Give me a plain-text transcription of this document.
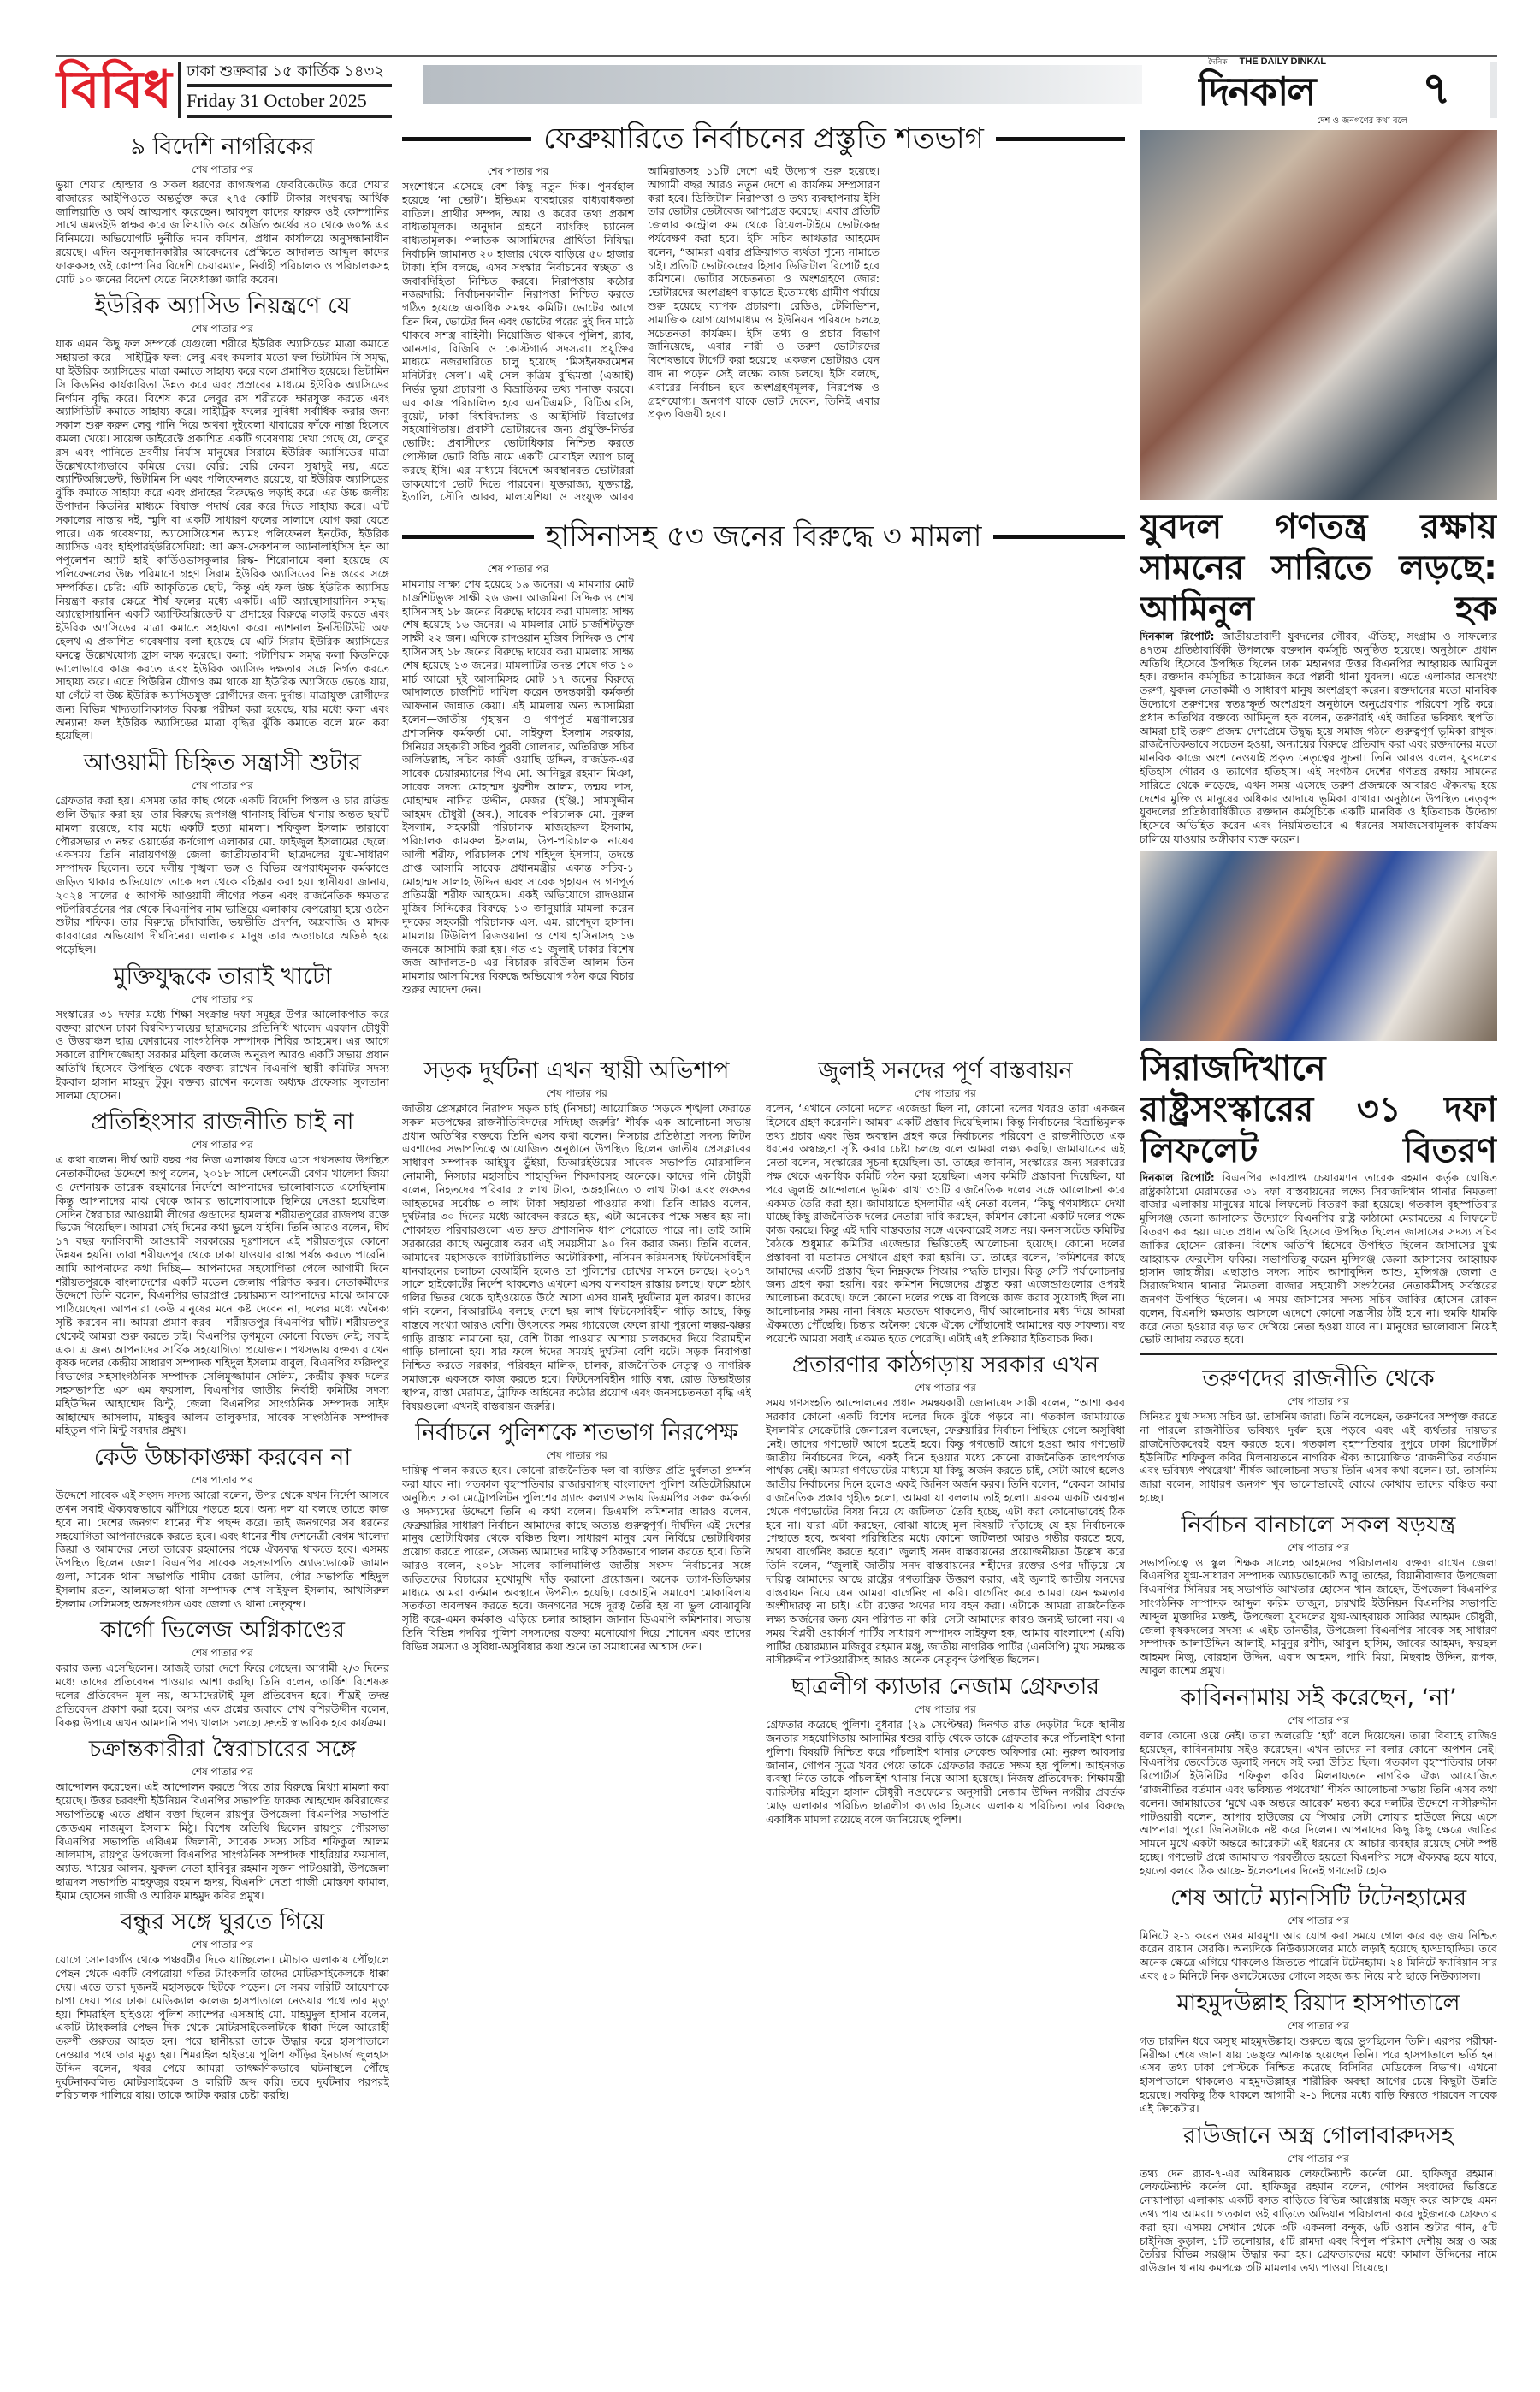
বিবিধ ঢাকা শুক্রবার ১৫ কার্তিক ১৪৩২
Friday 31 October 2025
দৈনিক THE DAILY DINKAL
দিনকাল
দেশ ও জনগণের কথা বলে
৭
৯ বিদেশি নাগরিকের
শেষ পাতার পর

ভুয়া শেয়ার হোল্ডার ও সকল ধরণের কাগজপত্র ফেবরিকেটেড করে শেয়ার বাজারের আইপিওতে অন্তর্ভুক্ত করে ২৭৫ কোটি টাকার সংঘবদ্ধ আর্থিক জালিয়াতি ও অর্থ আত্মসাৎ করেছেন। আবদুল কাদের ফারুক ওই কোম্পানির সাথে এমওইউ স্বাক্ষর করে জালিয়াতি করে অর্জিত অর্থের ৪০ থেকে ৬০% এর বিনিময়ে। অভিযোগটি দুর্নীতি দমন কমিশন, প্রধান কার্যালয়ে অনুসন্ধানাধীন রয়েছে। এদিন অনুসন্ধানকারীর আবেদনের প্রেক্ষিতে আদালত আব্দুল কাদের ফারুকসহ ওই কোম্পানির বিদেশি চেয়ারম্যান, নির্বাহী পরিচালক ও পরিচালকসহ মোট ১০ জনের বিদেশ যেতে নিষেধাজ্ঞা জারি করেন।

ইউরিক অ্যাসিড নিয়ন্ত্রণে যে
শেষ পাতার পর

যাক এমন কিছু ফল সম্পর্কে যেগুলো শরীরে ইউরিক অ্যাসিডের মাত্রা কমাতে সহায়তা করে— সাইট্রিক ফল: লেবু এবং কমলার মতো ফল ভিটামিন সি সমৃদ্ধ, যা ইউরিক অ্যাসিডের মাত্রা কমাতে সাহায্য করে বলে প্রমাণিত হয়েছে। ভিটামিন সি কিডনির কার্যকারিতা উন্নত করে এবং প্রস্রাবের মাধ্যমে ইউরিক অ্যাসিডের নির্গমন বৃদ্ধি করে। বিশেষ করে লেবুর রস শরীরকে ক্ষারযুক্ত করতে এবং অ্যাসিডিটি কমাতে সাহায্য করে। সাইট্রিক ফলের সুবিধা সর্বাধিক করার জন্য সকাল শুরু করুন লেবু পানি দিয়ে অথবা দুইবেলা খাবারের ফাঁকে নাস্তা হিসেবে কমলা খেয়ে। সায়েন্স ডাইরেক্টে প্রকাশিত একটি গবেষণায় দেখা গেছে যে, লেবুর রস এবং পানিতে দ্রবণীয় নির্যাস মানুষের সিরামে ইউরিক অ্যাসিডের মাত্রা উল্লেখযোগ্যভাবে কমিয়ে দেয়। বেরি: বেরি কেবল সুস্বাদুই নয়, এতে অ্যান্টিঅক্সিডেন্ট, ভিটামিন সি এবং পলিফেনলও রয়েছে, যা ইউরিক অ্যাসিডের ঝুঁকি কমাতে সাহায্য করে এবং প্রদাহের বিরুদ্ধেও লড়াই করে। এর উচ্চ জলীয় উপাদান কিডনির মাধ্যমে বিষাক্ত পদার্থ বের করে দিতে সাহায্য করে। এটি সকালের নাস্তায় দই, স্মুদি বা একটি সাধারণ ফলের সালাদে যোগ করা যেতে পারে। এক গবেষণায়, অ্যাসোসিয়েশন অ্যামং পলিফেনল ইনটেক, ইউরিক অ্যাসিড এবং হাইপারইউরিসেমিয়া: আ ক্রস-সেকশনাল অ্যানালাইসিস ইন আ পপুলেশন অ্যাট হাই কার্ডিওভাসকুলার রিস্ক- শিরোনামে বলা হয়েছে যে পলিফেনলের উচ্চ পরিমাণে গ্রহণ সিরাম ইউরিক অ্যাসিডের নিম্ন স্তরের সঙ্গে সম্পর্কিত। চেরি: এটি আকৃতিতে ছোট, কিন্তু এই ফল উচ্চ ইউরিক অ্যাসিড নিয়ন্ত্রণ করার ক্ষেত্রে শীর্ষ ফলের মধ্যে একটি। এটি অ্যান্থোসায়ানিন সমৃদ্ধ। অ্যান্থোসায়ানিন একটি অ্যান্টিঅক্সিডেন্ট যা প্রদাহের বিরুদ্ধে লড়াই করতে এবং ইউরিক অ্যাসিডের মাত্রা কমাতে সহায়তা করে। ন্যাশনাল ইনস্টিটিউট অফ হেলথ-এ প্রকাশিত গবেষণায় বলা হয়েছে যে এটি সিরাম ইউরিক অ্যাসিডের ঘনত্বে উল্লেখযোগ্য হ্রাস লক্ষ্য করেছে। কলা: পটাশিয়াম সমৃদ্ধ কলা কিডনিকে ভালোভাবে কাজ করতে এবং ইউরিক অ্যাসিড দক্ষতার সঙ্গে নির্গত করতে সাহায্য করে। এতে পিউরিন যৌগও কম থাকে যা ইউরিক অ্যাসিডে ভেঙে যায়, যা গেঁটে বা উচ্চ ইউরিক অ্যাসিডযুক্ত রোগীদের জন্য দুর্দান্ত। মাত্রাযুক্ত রোগীদের জন্য বিভিন্ন খাদ্যতালিকাগত বিকল্প পরীক্ষা করা হয়েছে, যার মধ্যে কলা এবং অন্যান্য ফল ইউরিক অ্যাসিডের মাত্রা বৃদ্ধির ঝুঁকি কমাতে বলে মনে করা হয়েছিল।

আওয়ামী চিহ্নিত সন্ত্রাসী শুটার
শেষ পাতার পর

গ্রেফতার করা হয়। এসময় তার কাছ থেকে একটি বিদেশি পিস্তল ও চার রাউন্ড গুলি উদ্ধার করা হয়। তার বিরুদ্ধে রূপগঞ্জ থানাসহ বিভিন্ন থানায় অন্তত ছয়টি মামলা রয়েছে, যার মধ্যে একটি হত্যা মামলা। শফিকুল ইসলাম তারাবো পৌরসভার ৩ নম্বর ওয়ার্ডের কর্ণগোপ এলাকার মো. ফাইজুল ইসলামের ছেলে। একসময় তিনি নারায়ণগঞ্জ জেলা জাতীয়তাবাদী ছাত্রদলের যুগ্ম-সাধারণ সম্পাদক ছিলেন। তবে দলীয় শৃঙ্খলা ভঙ্গ ও বিভিন্ন অপরাধমূলক কর্মকাণ্ডে জড়িত থাকার অভিযোগে তাকে দল থেকে বহিষ্কার করা হয়। স্থানীয়রা জানায়, ২০২৪ সালের ৫ আগস্ট আওয়ামী লীগের পতন এবং রাজনৈতিক ক্ষমতার পটপরিবর্তনের পর থেকে বিএনপির নাম ভাঙিয়ে এলাকায় বেপরোয়া হয়ে ওঠেন শুটার শফিক। তার বিরুদ্ধে চাঁদাবাজি, ভয়ভীতি প্রদর্শন, অস্ত্রবাজি ও মাদক কারবারের অভিযোগ দীর্ঘদিনের। এলাকার মানুষ তার অত্যাচারে অতিষ্ঠ হয়ে পড়েছিল।

মুক্তিযুদ্ধকে তারাই খাটো
শেষ পাতার পর

সংস্কারের ৩১ দফার মধ্যে শিক্ষা সংক্রান্ত দফা সমূহর উপর আলোকপাত করে বক্তব্য রাখেন ঢাকা বিশ্ববিদ্যালয়ের ছাত্রদলের প্রতিনিধি খালেদ এরফান চৌধুরী ও উত্তরাঞ্চল ছাত্র ফোরামের সাংগঠনিক সম্পাদক শিবির আহমেদ। এর আগে সকালে রাশিদাজ্জোহা সরকার মহিলা কলেজ অনুরূপ আরও একটি সভায় প্রধান অতিথি হিসেবে উপস্থিত থেকে বক্তব্য রাখেন বিএনপি স্থায়ী কমিটির সদস্য ইকবাল হাসান মাহমুদ টুকু। বক্তব্য রাখেন কলেজ অধ্যক্ষ প্রফেসার সুলতানা সালমা হোসেন।

প্রতিহিংসার রাজনীতি চাই না
শেষ পাতার পর

এ কথা বলেন। দীর্ঘ আট বছর পর নিজ এলাকায় ফিরে এসে পথসভায় উপস্থিত নেতাকর্মীদের উদ্দেশে অপু বলেন, ২০১৮ সালে দেশনেত্রী বেগম খালেদা জিয়া ও দেশনায়ক তারেক রহমানের নির্দেশে আপনাদের ভালোবাসতে এসেছিলাম। কিন্তু আপনাদের মাঝ থেকে আমার ভালোবাসাকে ছিনিয়ে নেওয়া হয়েছিল। সেদিন স্বৈরাচার আওয়ামী লীগের গুন্ডাদের হামলায় শরীয়তপুরের রাজপথ রক্তে ভিজে গিয়েছিল। আমরা সেই দিনের কথা ভুলে যাইনি। তিনি আরও বলেন, দীর্ঘ ১৭ বছর ফ্যাসিবাদী আওয়ামী সরকারের দুঃশাসনে এই শরীয়তপুরে কোনো উন্নয়ন হয়নি। তারা শরীয়তপুর থেকে ঢাকা যাওয়ার রাস্তা পর্যন্ত করতে পারেনি। আমি আপনাদের কথা দিচ্ছি— আপনাদের সহযোগিতা পেলে আগামী দিনে শরীয়তপুরকে বাংলাদেশের একটি মডেল জেলায় পরিণত করব। নেতাকর্মীদের উদ্দেশে তিনি বলেন, বিএনপির ভারপ্রাপ্ত চেয়ারম্যান আপনাদের মাঝে আমাকে পাঠিয়েছেন। আপনারা কেউ মানুষের মনে কষ্ট দেবেন না, দলের মধ্যে অনৈক্য সৃষ্টি করবেন না। আমরা প্রমাণ করব— শরীয়তপুর বিএনপির ঘাঁটি। শরীয়তপুর থেকেই আমরা শুরু করতে চাই। বিএনপির তৃণমূলে কোনো বিভেদ নেই; সবাই এক। এ জন্য আপনাদের সার্বিক সহযোগিতা প্রয়োজন। পথসভায় বক্তব্য রাখেন কৃষক দলের কেন্দ্রীয় সাধারণ সম্পাদক শহিদুল ইসলাম বাবুল, বিএনপির ফরিদপুর বিভাগের সহসাংগঠনিক সম্পাদক সেলিমুজ্জামান সেলিম, কেন্দ্রীয় কৃষক দলের সহসভাপতি এস এম ফয়সাল, বিএনপির জাতীয় নির্বাহী কমিটির সদস্য মহিউদ্দিন আহাম্মেদ ঝিন্টু, জেলা বিএনপির সাংগঠনিক সম্পাদক সাইদ আহাম্মেদ আসলাম, মাহবুব আলম তালুকদার, সাবেক সাংগঠনিক সম্পাদক মহিতুল গনি মিন্টু সরদার প্রমুখ।

কেউ উচ্চাকাঙ্ক্ষা করবেন না
শেষ পাতার পর

উদ্দেশে সাবেক এই সংসদ সদস্য আরো বলেন, উপর থেকে যখন নির্দেশ আসবে তখন সবাই ঐক্যবদ্ধভাবে ঝাঁপিয়ে পড়তে হবে। অন্য দল যা বলছে তাতে কাজ হবে না। দেশের জনগণ ধানের শীষ পছন্দ করে। তাই জনগণের সব ধরনের সহযোগিতা আপনাদেরকে করতে হবে। এবং ধানের শীষ দেশনেত্রী বেগম খালেদা জিয়া ও আমাদের নেতা তারেক রহমানের পক্ষে ঐক্যবদ্ধ থাকতে হবে। এসময় উপস্থিত ছিলেন জেলা বিএনপির সাবেক সহসভাপতি অ্যাডভোকেট জামান গুলা, সাবেক থানা সভাপতি শামীম রেজা ডালিম, পৌর সভাপতি শহিদুল ইসলাম রতন, আলমডাঙ্গা থানা সম্পাদক শেখ সাইফুল ইসলাম, আখসিরুল ইসলাম সেলিমসহ অঙ্গসংগঠন এবং জেলা ও থানা নেতৃবৃন্দ।

কার্গো ভিলেজ অগ্নিকাণ্ডের
শেষ পাতার পর

করার জন্য এসেছিলেন। আজই তারা দেশে ফিরে গেছেন। আগামী ২/৩ দিনের মধ্যে তাদের প্রতিবেদন পাওয়ার আশা করছি। তিনি বলেন, তার্কিশ বিশেষজ্ঞ দলের প্রতিবেদন মূল নয়, আমাদেরটাই মূল প্রতিবেদন হবে। শীঘ্রই তদন্ত প্রতিবেদন প্রকাশ করা হবে। অপর এক প্রশ্নের জবাবে শেখ বশিরউদ্দীন বলেন, বিকল্প উপায়ে এখন আমদানি পণ্য খালাস চলছে। দ্রুতই স্বাভাবিক হবে কার্যক্রম।

চক্রান্তকারীরা স্বৈরাচারের সঙ্গে
শেষ পাতার পর

আন্দোলন করেছেন। এই আন্দোলন করতে গিয়ে তার বিরুদ্ধে মিথ্যা মামলা করা হয়েছে। উত্তর চরবংশী ইউনিয়ন বিএনপির সভাপতি ফারুক আহম্মেদ কবিরাজের সভাপতিত্বে এতে প্রধান বক্তা ছিলেন রায়পুর উপজেলা বিএনপির সভাপতি জেডএম নাজমুল ইসলাম মিঠু। বিশেষ অতিথি ছিলেন রায়পুর পৌরসভা বিএনপির সভাপতি এবিএম জিলানী, সাবেক সদস্য সচিব শফিকুল আলম আলমাস, রায়পুর উপজেলা বিএনপির সাংগঠনিক সম্পাদক শাহরিয়ার ফয়সাল, অ্যাড. খায়ের আলম, যুবদল নেতা হাবিবুর রহমান সুজন পাটওয়ারী, উপজেলা ছাত্রদল সভাপতি মাহফুজুর রহমান হৃদয়, বিএনপি নেতা গাজী মোস্তফা কামাল, ইমাম হোসেন গাজী ও আরিফ মাহমুদ কবির প্রমুখ।

বন্ধুর সঙ্গে ঘুরতে গিয়ে
শেষ পাতার পর

যোগে সোনারগাঁও থেকে পঞ্চবটীর দিকে যাচ্ছিলেন। মৌচাক এলাকায় পৌঁছালে পেছন থেকে একটি বেপরোয়া গতির ট্যাংকলরি তাদের মোটরসাইকেলকে ধাক্কা দেয়। এতে তারা দুজনই মহাসড়কে ছিটকে পড়েন। সে সময় লরিটি আয়েশাকে চাপা দেয়। পরে ঢাকা মেডিক্যাল কলেজ হাসপাতালে নেওয়ার পথে তার মৃত্যু হয়। শিমরাইল হাইওয়ে পুলিশ ক্যাম্পের এসআই মো. মাহমুদুল হাসান বলেন, একটি ট্যাংকলরি পেছন দিক থেকে মোটরসাইকেলটিকে ধাক্কা দিলে আরোহী তরুণী গুরুতর আহত হন। পরে স্থানীয়রা তাকে উদ্ধার করে হাসপাতালে নেওয়ার পথে তার মৃত্যু হয়। শিমরাইল হাইওয়ে পুলিশ ফাঁড়ির ইনচার্জ জুলহাস উদ্দিন বলেন, খবর পেয়ে আমরা তাৎক্ষণিকভাবে ঘটনাস্থলে পৌঁছে দুর্ঘটনাকবলিত মোটরসাইকেল ও লরিটি জব্দ করি। তবে দুর্ঘটনার পরপরই লরিচালক পালিয়ে যায়। তাকে আটক করার চেষ্টা করছি।

ফেব্রুয়ারিতে নির্বাচনের প্রস্তুতি শতভাগ
শেষ পাতার পর

সংশোধনে এসেছে বেশ কিছু নতুন দিক। পুনর্বহাল হয়েছে ‘না ভোট’। ইভিএম ব্যবহারের বাধ্যবাধকতা বাতিল। প্রার্থীর সম্পদ, আয় ও করের তথ্য প্রকাশ বাধ্যতামূলক। অনুদান গ্রহণে ব্যাংকিং চ্যানেল বাধ্যতামূলক। পলাতক আসামিদের প্রার্থিতা নিষিদ্ধ। নির্বাচনি জামানত ২০ হাজার থেকে বাড়িয়ে ৫০ হাজার টাকা। ইসি বলছে, এসব সংস্কার নির্বাচনের স্বচ্ছতা ও জবাবদিহিতা নিশ্চিত করবে। নিরাপত্তায় কঠোর নজরদারি: নির্বাচনকালীন নিরাপত্তা নিশ্চিত করতে গঠিত হয়েছে একাধিক সমন্বয় কমিটি। ভোটের আগে তিন দিন, ভোটের দিন এবং ভোটের পরের দুই দিন মাঠে থাকবে সশস্ত্র বাহিনী। নিয়োজিত থাকবে পুলিশ, র‍্যাব, আনসার, বিজিবি ও কোস্টগার্ড সদস্যরা। প্রযুক্তির মাধ্যমে নজরদারিতে চালু হয়েছে ‘মিসইনফরমেশন মনিটরিং সেল’। এই সেল কৃত্রিম বুদ্ধিমত্তা (এআই) নির্ভর ভুয়া প্রচারণা ও বিভ্রান্তিকর তথ্য শনাক্ত করবে। এর কাজ পরিচালিত হবে এনটিএমসি, বিটিআরসি, বুয়েট, ঢাকা বিশ্ববিদ্যালয় ও আইসিটি বিভাগের সহযোগিতায়। প্রবাসী ভোটারদের জন্য প্রযুক্তি-নির্ভর ভোটিং: প্রবাসীদের ভোটাধিকার নিশ্চিত করতে পোস্টাল ভোট বিডি নামে একটি মোবাইল অ্যাপ চালু করছে ইসি। এর মাধ্যমে বিদেশে অবস্থানরত ভোটাররা ডাকযোগে ভোট দিতে পারবেন। যুক্তরাজ্য, যুক্তরাষ্ট্র, ইতালি, সৌদি আরব, মালয়েশিয়া ও সংযুক্ত আরব আমিরাতসহ ১১টি দেশে এই উদ্যোগ শুরু হয়েছে। আগামী বছর আরও নতুন দেশে এ কার্যক্রম সম্প্রসারণ করা হবে। ডিজিটাল নিরাপত্তা ও তথ্য ব্যবস্থাপনায় ইসি তার ভোটার ডেটাবেজ আপগ্রেড করেছে। এবার প্রতিটি জেলার কন্ট্রোল রুম থেকে রিয়েল-টাইমে ভোটকেন্দ্র পর্যবেক্ষণ করা হবে। ইসি সচিব আখতার আহমেদ বলেন, “আমরা এবার প্রক্রিয়াগত ব্যর্থতা শূন্যে নামাতে চাই। প্রতিটি ভোটকেন্দ্রের হিসাব ডিজিটাল রিপোর্ট হবে কমিশনে। ভোটার সচেতনতা ও অংশগ্রহণে জোর: ভোটারদের অংশগ্রহণ বাড়াতে ইতোমধ্যে গ্রামীণ পর্যায়ে শুরু হয়েছে ব্যাপক প্রচারণা। রেডিও, টেলিভিশন, সামাজিক যোগাযোগমাধ্যম ও ইউনিয়ন পরিষদে চলছে সচেতনতা কার্যক্রম। ইসি তথ্য ও প্রচার বিভাগ জানিয়েছে, এবার নারী ও তরুণ ভোটারদের বিশেষভাবে টার্গেট করা হয়েছে। একজন ভোটারও যেন বাদ না পড়েন সেই লক্ষ্যে কাজ চলছে। ইসি বলছে, এবারের নির্বাচন হবে অংশগ্রহণমূলক, নিরপেক্ষ ও গ্রহণযোগ্য। জনগণ যাকে ভোট দেবেন, তিনিই এবার প্রকৃত বিজয়ী হবে।

হাসিনাসহ ৫৩ জনের বিরুদ্ধে ৩ মামলা
শেষ পাতার পর

মামলায় সাক্ষ্য শেষ হয়েছে ১৯ জনের। এ মামলার মোট চার্জশিটভুক্ত সাক্ষী ২৬ জন। আজমিনা সিদ্দিক ও শেখ হাসিনাসহ ১৮ জনের বিরুদ্ধে দায়ের করা মামলায় সাক্ষ্য শেষ হয়েছে ১৬ জনের। এ মামলার মোট চার্জশিটভুক্ত সাক্ষী ২২ জন। এদিকে রাদওয়ান মুজিব সিদ্দিক ও শেখ হাসিনাসহ ১৮ জনের বিরুদ্ধে দায়ের করা মামলায় সাক্ষ্য শেষ হয়েছে ১৩ জনের। মামলাটির তদন্ত শেষে গত ১০ মার্চ আরো দুই আসামিসহ মোট ১৭ জনের বিরুদ্ধে আদালতে চার্জশিট দাখিল করেন তদন্তকারী কর্মকর্তা আফনান জান্নাত কেয়া। এই মামলায় অন্য আসামিরা হলেন—জাতীয় গৃহায়ন ও গণপূর্ত মন্ত্রণালয়ের প্রশাসনিক কর্মকর্তা মো. সাইফুল ইসলাম সরকার, সিনিয়র সহকারী সচিব পুরবী গোলদার, অতিরিক্ত সচিব অলিউল্লাহ, সচিব কাজী ওয়াছি উদ্দিন, রাজউক-এর সাবেক চেয়ারম্যানের পিএ মো. আনিছুর রহমান মিঞা, সাবেক সদস্য মোহাম্মদ খুরশীদ আলম, তন্ময় দাস, মোহাম্মদ নাসির উদ্দীন, মেজর (ইঞ্জি.) সামসুদ্দীন আহমদ চৌধুরী (অব.), সাবেক পরিচালক মো. নুরুল ইসলাম, সহকারী পরিচালক মাজহারুল ইসলাম, পরিচালক কামরুল ইসলাম, উপ-পরিচালক নায়েব আলী শরীফ, পরিচালক শেখ শহিদুল ইসলাম, তদন্তে প্রাপ্ত আসামি সাবেক প্রধানমন্ত্রীর একান্ত সচিব-১ মোহাম্মদ সালাহ উদ্দিন এবং সাবেক গৃহায়ন ও গণপূর্ত প্রতিমন্ত্রী শরীফ আহমেদ। একই অভিযোগে রাদওয়ান মুজিব সিদ্দিকের বিরুদ্ধে ১৩ জানুয়ারি মামলা করেন দুদকের সহকারী পরিচালক এস. এম. রাশেদুল হাসান। মামলায় টিউলিপ রিজওয়ানা ও শেখ হাসিনাসহ ১৬ জনকে আসামি করা হয়। গত ৩১ জুলাই ঢাকার বিশেষ জজ আদালত-৪ এর বিচারক রবিউল আলম তিন মামলায় আসামিদের বিরুদ্ধে অভিযোগ গঠন করে বিচার শুরুর আদেশ দেন।

সড়ক দুর্ঘটনা এখন স্থায়ী অভিশাপ
শেষ পাতার পর

জাতীয় প্রেসক্লাবে নিরাপদ সড়ক চাই (নিসচা) আয়োজিত ‘সড়কে শৃঙ্খলা ফেরাতে সকল মতপক্ষের রাজনীতিবিদদের সদিচ্ছা জরুরি’ শীর্ষক এক আলোচনা সভায় প্রধান অতিথির বক্তব্যে তিনি এসব কথা বলেন। নিসচার প্রতিষ্ঠাতা সদস্য লিটন এরশাদের সভাপতিত্বে আয়োজিত অনুষ্ঠানে উপস্থিত ছিলেন জাতীয় প্রেসক্লাবের সাধারণ সম্পাদক আইয়ুব ভুঁইয়া, ডিআরইউয়ের সাবেক সভাপতি মোরসালিন নোমানী, নিসচার মহাসচিব শাহাবুদ্দিন শিকদারসহ অনেকে। কাদের গনি চৌধুরী বলেন, নিহতদের পরিবার ৫ লাখ টাকা, অঙ্গহানিতে ৩ লাখ টাকা এবং গুরুতর আহতদের সর্বোচ্চ ৩ লাখ টাকা সহায়তা পাওয়ার কথা। তিনি আরও বলেন, দুর্ঘটনার ৩০ দিনের মধ্যে আবেদন করতে হয়, এটা অনেকের পক্ষে সম্ভব হয় না। শোকাহত পরিবারগুলো এত দ্রুত প্রশাসনিক ধাপ পেরোতে পারে না। তাই আমি সরকারের কাছে অনুরোধ করব এই সময়সীমা ৯০ দিন করার জন্য। তিনি বলেন, আমাদের মহাসড়কে ব্যাটারিচালিত অটোরিকশা, নসিমন-করিমনসহ ফিটনেসবিহীন যানবাহনের চলাচল বেআইনি হলেও তা পুলিশের চোখের সামনে চলছে। ২০১৭ সালে হাইকোর্টের নির্দেশ থাকলেও এখনো এসব যানবাহন রাস্তায় চলছে। ফলে হঠাৎ গলির ভিতর থেকে হাইওয়েতে উঠে আসা এসব যানই দুর্ঘটনার মূল কারণ। কাদের গনি বলেন, বিআরটিএ বলছে দেশে ছয় লাখ ফিটনেসবিহীন গাড়ি আছে, কিন্তু বাস্তবে সংখ্যা আরও বেশি। উৎসবের সময় গ্যারেজে ফেলে রাখা পুরনো লক্কর-ঝক্কর গাড়ি রাস্তায় নামানো হয়, বেশি টাকা পাওয়ার আশায় চালকদের দিয়ে বিরামহীন গাড়ি চালানো হয়। যার ফলে ঈদের সময়ই দুর্ঘটনা বেশি ঘটে। সড়ক নিরাপত্তা নিশ্চিত করতে সরকার, পরিবহন মালিক, চালক, রাজনৈতিক নেতৃত্ব ও নাগরিক সমাজকে একসঙ্গে কাজ করতে হবে। ফিটনেসবিহীন গাড়ি বন্ধ, রোড ডিভাইডার স্থাপন, রাস্তা মেরামত, ট্রাফিক আইনের কঠোর প্রয়োগ এবং জনসচেতনতা বৃদ্ধি এই বিষয়গুলো এখনই বাস্তবায়ন জরুরি।

নির্বাচনে পুলিশকে শতভাগ নিরপেক্ষ
শেষ পাতার পর

দায়িত্ব পালন করতে হবে। কোনো রাজনৈতিক দল বা ব্যক্তির প্রতি দুর্বলতা প্রদর্শন করা যাবে না। গতকাল বৃহস্পতিবার রাজারবাগস্থ বাংলাদেশ পুলিশ অডিটোরিয়ামে অনুষ্ঠিত ঢাকা মেট্রোপলিটন পুলিশের গ্র্যান্ড কল্যাণ সভায় ডিএমপির সকল কর্মকর্তা ও সদস্যদের উদ্দেশে তিনি এ কথা বলেন। ডিএমপি কমিশনার আরও বলেন, ফেব্রুয়ারির সাধারণ নির্বাচন আমাদের কাছে অত্যন্ত গুরুত্বপূর্ণ। দীর্ঘদিন এই দেশের মানুষ ভোটাধিকার থেকে বঞ্চিত ছিল। সাধারণ মানুষ যেন নির্বিঘ্নে ভোটাধিকার প্রয়োগ করতে পারেন, সেজন্য আমাদের দায়িত্ব সঠিকভাবে পালন করতে হবে। তিনি আরও বলেন, ২০১৮ সালের কালিমালিপ্ত জাতীয় সংসদ নির্বাচনের সঙ্গে জড়িতদের বিচারের মুখোমুখি দাঁড় করানো প্রয়োজন। অনেক ত্যাগ-তিতিক্ষার মাধ্যমে আমরা বর্তমান অবস্থানে উপনীত হয়েছি। বেআইনি সমাবেশ মোকাবিলায় সতর্কতা অবলম্বন করতে হবে। জনগণের সঙ্গে দূরত্ব তৈরি হয় বা ভুল বোঝাবুঝি সৃষ্টি করে-এমন কর্মকাণ্ড এড়িয়ে চলার আহ্বান জানান ডিএমপি কমিশনার। সভায় তিনি বিভিন্ন পদবির পুলিশ সদস্যদের বক্তব্য মনোযোগ দিয়ে শোনেন এবং তাদের বিভিন্ন সমস্যা ও সুবিধা-অসুবিধার কথা শুনে তা সমাধানের আশ্বাস দেন।

জুলাই সনদের পূর্ণ বাস্তবায়ন
শেষ পাতার পর

বলেন, ‘এখানে কোনো দলের এজেন্ডা ছিল না, কোনো দলের খবরও তারা একজন হিসেবে গ্রহণ করেননি। আমরা একটি প্রস্তাব দিয়েছিলাম। কিন্তু নির্বাচনের বিভ্রান্তিমূলক তথ্য প্রচার এবং ভিন্ন অবস্থান গ্রহণ করে নির্বাচনের পরিবেশ ও রাজনীতিতে এক ধরনের অস্বচ্ছতা সৃষ্টি করার চেষ্টা চলছে বলে আমরা লক্ষ্য করছি। জামায়াতের এই নেতা বলেন, সংস্কারের সূচনা হয়েছিল। ডা. তাহের জানান, সংস্কারের জন্য সরকারের পক্ষ থেকে একাধিক কমিটি গঠন করা হয়েছিল। এসব কমিটি প্রস্তাবনা দিয়েছিল, যা পরে জুলাই আন্দোলনে ভূমিকা রাখা ৩১টি রাজনৈতিক দলের সঙ্গে আলোচনা করে একমত তৈরি করা হয়। জামায়াতে ইসলামীর এই নেতা বলেন, ‘কিছু গণমাধ্যমে দেখা যাচ্ছে কিছু রাজনৈতিক দলের নেতারা দাবি করছেন, কমিশন কোনো একটি দলের পক্ষে কাজ করছে। কিন্তু এই দাবি বাস্তবতার সঙ্গে একেবারেই সঙ্গত নয়। কনসাসটেন্ড কমিটির বৈঠকে শুধুমাত্র কমিটির এজেন্ডার ভিত্তিতেই আলোচনা হয়েছে। কোনো দলের প্রস্তাবনা বা মতামত সেখানে গ্রহণ করা হয়নি। ডা. তাহের বলেন, ‘কমিশনের কাছে আমাদের একটি প্রস্তাব ছিল নিম্নকক্ষে পিআর পদ্ধতি চালুর। কিন্তু সেটি পর্যালোচনার জন্য গ্রহণ করা হয়নি। বরং কমিশন নিজেদের প্রস্তুত করা এজেন্ডাগুলোর ওপরই আলোচনা করেছে। ফলে কোনো দলের পক্ষে বা বিপক্ষে কাজ করার সুযোগই ছিল না। আলোচনার সময় নানা বিষয়ে মতভেদ থাকলেও, দীর্ঘ আলোচনার মধ্য দিয়ে আমরা ঐকমত্যে পৌঁছেছি। চিন্তার অনৈক্য থেকে ঐক্যে পৌঁছানোই আমাদের বড় সাফল্য। বহু পয়েন্টে আমরা সবাই একমত হতে পেরেছি। এটাই এই প্রক্রিয়ার ইতিবাচক দিক।

প্রতারণার কাঠগড়ায় সরকার এখন
শেষ পাতার পর

সময় গণসংহতি আন্দোলনের প্রধান সমন্বয়কারী জোনায়েদ সাকী বলেন, “আশা করব সরকার কোনো একটি বিশেষ দলের দিকে ঝুঁকে পড়বে না। গতকাল জামায়াতে ইসলামীর সেক্রেটারি জেনারেল বলেছেন, ফেব্রুয়ারির নির্বাচন পিছিয়ে গেলে অসুবিধা নেই। তাদের গণভোট আগে হতেই হবে। কিন্তু গণভোট আগে হওয়া আর গণভোট জাতীয় নির্বাচনের দিনে, একই দিনে হওয়ার মধ্যে কোনো রাজনৈতিক তাৎপর্যগত পার্থক্য নেই। আমরা গণভোটের মাধ্যমে যা কিছু অর্জন করতে চাই, সেটা আগে হলেও জাতীয় নির্বাচনের দিনে হলেও একই জিনিস অর্জন করব। তিনি বলেন, “কেবল আমার রাজনৈতিক প্রস্তাব গৃহীত হলো, আমরা যা বললাম তাই হলো। এরকম একটি অবস্থান থেকে গণভোটের বিষয় নিয়ে যে জটিলতা তৈরি হচ্ছে, এটা করা কোনোভাবেই ঠিক হবে না। যারা এটা করছেন, বোঝা যাচ্ছে মূল বিষয়টি দাঁড়াচ্ছে যে হয় নির্বাচনকে পেছাতে হবে, অথবা পরিস্থিতির মধ্যে কোনো জটিলতা আরও গভীর করতে হবে, অথবা বার্গেনিং করতে হবে।” জুলাই সনদ বাস্তবায়নের প্রয়োজনীয়তা উল্লেখ করে তিনি বলেন, “জুলাই জাতীয় সনদ বাস্তবায়নের শহীদের রক্তের ওপর দাঁড়িয়ে যে দায়িত্ব আমাদের আছে রাষ্ট্রের গণতান্ত্রিক উত্তরণ করার, এই জুলাই জাতীয় সনদের বাস্তবায়ন নিয়ে যেন আমরা বার্গেনিং না করি। বার্গেনিং করে আমরা যেন ক্ষমতার অংশীদারত্ব না চাই। এটা রক্তের ঋণের দায় বহন করা। এটাকে আমরা রাজনৈতিক লক্ষ্য অর্জনের জন্য যেন পরিণত না করি। সেটা আমাদের কারও জন্যই ভালো নয়। এ সময় বিপ্লবী ওয়ার্কার্স পার্টির সাধারণ সম্পাদক সাইফুল হক, আমার বাংলাদেশ (এবি) পার্টির চেয়ারম্যান মজিবুর রহমান মঞ্জু, জাতীয় নাগরিক পার্টির (এনসিপি) মুখ্য সমন্বয়ক নাসীরুদ্দীন পাটওয়ারীসহ আরও অনেক নেতৃবৃন্দ উপস্থিত ছিলেন।

ছাত্রলীগ ক্যাডার নেজাম গ্রেফতার
শেষ পাতার পর

গ্রেফতার করেছে পুলিশ। বুধবার (২৯ সেপ্টেম্বর) দিনগত রাত দেড়টার দিকে স্থানীয় জনতার সহযোগিতায় আসামির শ্বশুর বাড়ি থেকে তাকে গ্রেফতার করে পাঁচলাইশ থানা পুলিশ। বিষয়টি নিশ্চিত করে পাঁচলাইশ থানার সেকেন্ড অফিসার মো: নুরুল আবসার জানান, গোপন সূত্রে খবর পেয়ে তাকে গ্রেফতার করতে সক্ষম হয় পুলিশ। আইনগত ব্যবস্থা নিতে তাকে পাঁচলাইশ থানায় নিয়ে আসা হয়েছে। নিজস্ব প্রতিবেদক: শিক্ষামন্ত্রী ব্যারিস্টার মহিবুল হাসান চৌধুরী নওফেলের অনুসারী নেজাম উদ্দিন নগরীর প্রবর্তক মোড় এলাকার পরিচিত ছাত্রলীগ ক্যাডার হিসেবে এলাকায় পরিচিত। তার বিরুদ্ধে একাধিক মামলা রয়েছে বলে জানিয়েছে পুলিশ।

যুবদল গণতন্ত্র রক্ষায় সামনের সারিতে লড়ছে: আমিনুল হক

দিনকাল রিপোর্ট: জাতীয়তাবাদী যুবদলের গৌরব, ঐতিহ্য, সংগ্রাম ও সাফল্যের ৪৭তম প্রতিষ্ঠাবার্ষিকী উপলক্ষে রক্তদান কর্মসূচি অনুষ্ঠিত হয়েছে। অনুষ্ঠানে প্রধান অতিথি হিসেবে উপস্থিত ছিলেন ঢাকা মহানগর উত্তর বিএনপির আহ্বায়ক আমিনুল হক। রক্তদান কর্মসূচির আয়োজন করে পল্লবী থানা যুবদল। এতে এলাকার অসংখ্য তরুণ, যুবদল নেতাকর্মী ও সাধারণ মানুষ অংশগ্রহণ করেন। রক্তদানের মতো মানবিক উদ্যোগে তরুণদের স্বতঃস্ফূর্ত অংশগ্রহণ অনুষ্ঠানে অনুপ্রেরণার পরিবেশ সৃষ্টি করে। প্রধান অতিথির বক্তব্যে আমিনুল হক বলেন, তরুণরাই এই জাতির ভবিষ্যৎ স্থপতি। আমরা চাই তরুণ প্রজন্ম দেশপ্রেমে উদ্বুদ্ধ হয়ে সমাজ গঠনে গুরুত্বপূর্ণ ভূমিকা রাখুক। রাজনৈতিকভাবে সচেতন হওয়া, অন্যায়ের বিরুদ্ধে প্রতিবাদ করা এবং রক্তদানের মতো মানবিক কাজে অংশ নেওয়াই প্রকৃত নেতৃত্বের সূচনা। তিনি আরও বলেন, যুবদলের ইতিহাস গৌরব ও ত্যাগের ইতিহাস। এই সংগঠন দেশের গণতন্ত্র রক্ষায় সামনের সারিতে থেকে লড়েছে, এখন সময় এসেছে তরুণ প্রজন্মকে আবারও ঐক্যবদ্ধ হয়ে দেশের মুক্তি ও মানুষের অধিকার আদায়ে ভূমিকা রাখার। অনুষ্ঠানে উপস্থিত নেতৃবৃন্দ যুবদলের প্রতিষ্ঠাবার্ষিকীতে রক্তদান কর্মসূচিকে একটি মানবিক ও ইতিবাচক উদ্যোগ হিসেবে অভিহিত করেন এবং নিয়মিতভাবে এ ধরনের সমাজসেবামূলক কার্যক্রম চালিয়ে যাওয়ার অঙ্গীকার ব্যক্ত করেন।

সিরাজদিখানে রাষ্ট্রসংস্কারের ৩১ দফা লিফলেট বিতরণ

দিনকাল রিপোর্ট: বিএনপির ভারপ্রাপ্ত চেয়ারম্যান তারেক রহমান কর্তৃক ঘোষিত রাষ্ট্রকাঠামো মেরামতের ৩১ দফা বাস্তবায়নের লক্ষ্যে সিরাজদিখান থানার নিমতলা বাজার এলাকায় মানুষের মাঝে লিফলেট বিতরণ করা হয়েছে। গতকাল বৃহস্পতিবার মুন্সিগঞ্জ জেলা জাসাসের উদ্যোগে বিএনপির রাষ্ট্র কাঠামো মেরামতের এ লিফলেট বিতরণ করা হয়। এতে প্রধান অতিথি হিসেবে উপস্থিত ছিলেন জাসাসের সদস্য সচিব জাকির হোসেন রোকন। বিশেষ অতিথি হিসেবে উপস্থিত ছিলেন জাসাসের যুগ্ম আহ্বায়ক ফেরদৌস ফকির। সভাপতিত্ব করেন মুন্সিগঞ্জ জেলা জাসাসের আহ্বায়ক হাসান জাহাঙ্গীর। এছাড়াও সদস্য সচিব আশাবুদ্দিন আশু, মুন্সিগঞ্জ জেলা ও সিরাজদিখান থানার নিমতলা বাজার সহযোগী সংগঠনের নেতাকর্মীসহ সর্বস্তরের জনগণ উপস্থিত ছিলেন। এ সময় জাসাসের সদস্য সচিব জাকির হোসেন রোকন বলেন, বিএনপি ক্ষমতায় আসলে এদেশে কোনো সন্ত্রাসীর ঠাঁই হবে না। হুমকি ধামকি করে নেতা হওয়ার বড় ভাব দেখিয়ে নেতা হওয়া যাবে না। মানুষের ভালোবাসা নিয়েই ভোট আদায় করতে হবে।

তরুণদের রাজনীতি থেকে
শেষ পাতার পর

সিনিয়র যুগ্ম সদস্য সচিব ডা. তাসনিম জারা। তিনি বলেছেন, তরুণদের সম্পৃক্ত করতে না পারলে রাজনীতির ভবিষ্যৎ দুর্বল হয়ে পড়বে এবং এই ব্যর্থতার দায়ভার রাজনৈতিকদেরই বহন করতে হবে। গতকাল বৃহস্পতিবার দুপুরে ঢাকা রিপোর্টার্স ইউনিটির শফিকুল কবির মিলনায়তনে নাগরিক ঐক্য আয়োজিত ‘রাজনীতির বর্তমান এবং ভবিষ্যৎ পথরেখা’ শীর্ষক আলোচনা সভায় তিনি এসব কথা বলেন। ডা. তাসনিম জারা বলেন, সাধারণ জনগণ খুব ভালোভাবেই বোঝে কোথায় তাদের বঞ্চিত করা হচ্ছে।

নির্বাচন বানচালে সকল ষড়যন্ত্র
শেষ পাতার পর

সভাপতিত্বে ও স্কুল শিক্ষক সালেহ আহমদের পরিচালনায় বক্তব্য রাখেন জেলা বিএনপির যুগ্ম-সাধারণ সম্পাদক অ্যাডভোকেট আবু তাহের, বিয়ানীবাজার উপজেলা বিএনপির সিনিয়র সহ-সভাপতি আখতার হোসেন খান জাহেদ, উপজেলা বিএনপির সাংগঠনিক সম্পাদক আব্দুল করিম তাজুল, চারখাই ইউনিয়ন বিএনপির সভাপতি আব্দুল মুক্তাদির মক্তই, উপজেলা যুবদলের যুগ্ম-আহবায়ক সাব্বির আহমদ চৌধুরী, জেলা কৃষকদলের সদস্য এ এইচ তানভীর, উপজেলা বিএনপির সাবেক সহ-সাধারণ সম্পাদক আলাউদ্দিন আলাই, মামুনুর রশীদ, আবুল হাসিম, জাবের আহমদ, ফয়ছল আহমদ মিজু, বোরহান উদ্দিন, এবাদ আহমদ, পাখি মিয়া, মিছবাহ উদ্দিন, রূপক, আবুল কাশেম প্রমুখ।

কাবিননামায় সই করেছেন, ‘না’
শেষ পাতার পর

বলার কোনো ওয়ে নেই। তারা অলরেডি ‘হ্যাঁ’ বলে দিয়েছেন। তারা বিবাহে রাজিও হয়েছেন, কাবিননামায় সইও করেছেন। এখন তাদের না বলার কোনো অপশন নেই। বিএনপির ভেবেচিন্তে জুলাই সনদে সই করা উচিত ছিল। গতকাল বৃহস্পতিবার ঢাকা রিপোর্টার্স ইউনিটির শফিকুল কবির মিলনায়তনে নাগরিক ঐক্য আয়োজিত ‘রাজনীতির বর্তমান এবং ভবিষ্যত পথরেখা’ শীর্ষক আলোচনা সভায় তিনি এসব কথা বলেন। জামায়াতের ‘মুখে এক অন্তরে আরেক’ মন্তব্য করে দলটির উদ্দেশে নাসীরুদ্দীন পাটওয়ারী বলেন, আপার হাউজের যে পিআর সেটা লোয়ার হাউজে নিয়ে এসে আপনারা পুরো জিনিসটাকে নষ্ট করে দিলেন। আপনাদের কিছু কিছু ক্ষেত্রে জাতির সামনে মুখে একটা অন্তরে আরেকটা এই ধরনের যে আচার-ব্যবহার রয়েছে সেটা স্পষ্ট হচ্ছে। গণভোট প্রশ্নে জামায়াত পরবর্তীতে হয়তো বিএনপির সঙ্গে ঐক্যবদ্ধ হয়ে যাবে, হয়তো বলবে ঠিক আছে- ইলেকশনের দিনেই গণভোট হোক।

শেষ আটে ম্যানসিটি টটেনহ্যামের
শেষ পাতার পর

মিনিটে ২-১ করেন ওমর মারমুশ। আর যোগ করা সময়ে গোল করে বড় জয় নিশ্চিত করেন রায়ান সেরকি। অন্যদিকে নিউক্যাসলের মাঠে লড়াই হয়েছে হাড্ডাহাড্ডি। তবে অনেক ক্ষেত্রে এগিয়ে থাকলেও জিততে পারেনি টটেনহ্যাম। ২৪ মিনিটে ফ্যাবিয়ান সার এবং ৫০ মিনিটে নিক ওলটেমেডের গোলে সহজ জয় নিয়ে মাঠ ছাড়ে নিউক্যাসল।

মাহমুদউল্লাহ রিয়াদ হাসপাতালে
শেষ পাতার পর

গত চারদিন ধরে অসুস্থ মাহমুদউল্লাহ। শুরুতে জ্বরে ভুগছিলেন তিনি। এরপর পরীক্ষা-নিরীক্ষা শেষে জানা যায় ডেঙ্গু আক্রান্ত হয়েছেন তিনি। পরে হাসপাতালে ভর্তি হন। এসব তথ্য ঢাকা পোস্টকে নিশ্চিত করেছে বিসিবির মেডিকেল বিভাগ। এখনো হাসপাতালে থাকলেও মাহমুদউল্লাহর শারীরিক অবস্থা আগের চেয়ে কিছুটা উন্নতি হয়েছে। সবকিছু ঠিক থাকলে আগামী ২-১ দিনের মধ্যে বাড়ি ফিরতে পারবেন সাবেক এই ক্রিকেটার।

রাউজানে অস্ত্র গোলাবারুদসহ
শেষ পাতার পর

তথ্য দেন র‍্যাব-৭-এর অধিনায়ক লেফটেন্যান্ট কর্নেল মো. হাফিজুর রহমান। লেফটেন্যান্ট কর্নেল মো. হাফিজুর রহমান বলেন, গোপন সংবাদের ভিত্তিতে নোয়াপাড়া এলাকায় একটি বসত বাড়িতে বিভিন্ন আগ্নেয়াস্ত্র মজুদ করে আসছে এমন তথ্য পায় আমরা। গতকাল ওই বাড়িতে অভিযান পরিচালনা করে দুইজনকে গ্রেফতার করা হয়। এসময় সেখান থেকে ৩টি একনলা বন্দুক, ৬টি ওয়ান শুটার গান, ৫টি চাইনিজ কুড়াল, ১টি তলোয়ার, ৫টি রামদা এবং বিপুল পরিমাণ দেশীয় অস্ত্র ও অস্ত্র তৈরির বিভিন্ন সরঞ্জাম উদ্ধার করা হয়। গ্রেফতারদের মধ্যে কামাল উদ্দিনের নামে রাউজান থানায় কমপক্ষে ৩টি মামলার তথ্য পাওয়া গিয়েছে।
